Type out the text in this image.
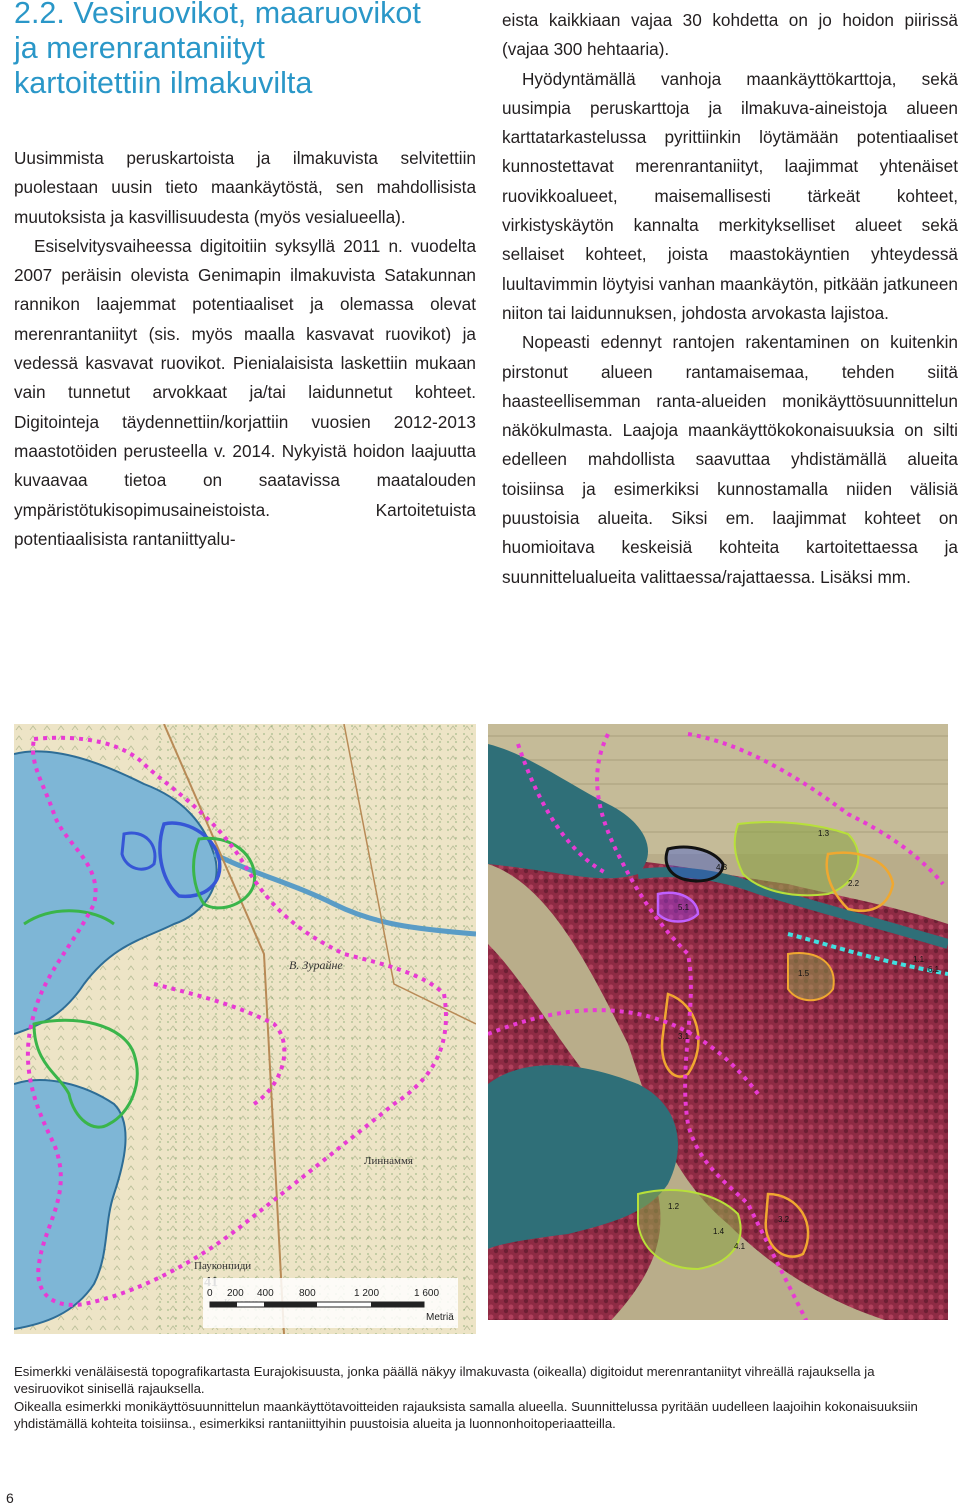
2.2. Vesiruovikot, maaruovikot
ja merenrantaniityt
kartoitettiin ilmakuvilta

Uusimmista peruskartoista ja ilmakuvista selvitettiin puolestaan uusin tieto maankäytöstä, sen mahdollisista muutoksista ja kasvillisuudesta (myös vesialueella).

Esiselvitysvaiheessa digitoitiin syksyllä 2011 n. vuodelta 2007 peräisin olevista Genimapin ilmakuvista Satakunnan rannikon laajemmat potentiaaliset ja olemassa olevat merenrantaniityt (sis. myös maalla kasvavat ruovikot) ja vedessä kasvavat ruovikot. Pienialaisista laskettiin mukaan vain tunnetut arvokkaat ja/tai laidunnetut kohteet. Digitointeja täydennettiin/korjattiin vuosien 2012-2013 maastotöiden perusteella v. 2014. Nykyistä hoidon laajuutta kuvaavaa tietoa on saatavissa maatalouden ympäristötukisopimusaineistoista. Kartoitetuista potentiaalisista rantaniittyalu-

eista kaikkiaan vajaa 30 kohdetta on jo hoidon piirissä (vajaa 300 hehtaaria).

Hyödyntämällä vanhoja maankäyttökarttoja, sekä uusimpia peruskarttoja ja ilmakuva-aineistoja alueen karttatarkastelussa pyrittiinkin löytämään potentiaaliset kunnostettavat merenrantaniityt, laajimmat yhtenäiset ruovikkoalueet, maisemallisesti tärkeät kohteet, virkistyskäytön kannalta merkitykselliset alueet sekä sellaiset kohteet, joista maastokäyntien yhteydessä luultavimmin löytyisi vanhan maankäytön, pitkään jatkuneen niiton tai laidunnuksen, johdosta arvokasta lajistoa.

Nopeasti edennyt rantojen rakentaminen on kuitenkin pirstonut alueen rantamaisemaa, tehden siitä haasteellisemman ranta-alueiden monikäyttösuunnittelun näkökulmasta. Laajoja maankäyttökokonaisuuksia on silti edelleen mahdollista saavuttaa yhdistämällä alueita toisiinsa ja esimerkiksi kunnostamalla niiden välisiä puustoisia alueita. Siksi em. laajimmat kohteet on huomioitava keskeisiä kohteita kartoitettaessa ja suunnittelualueita valittaessa/rajattaessa. Lisäksi mm.

B. Зурайне
Линнаммя
Пауконпиди
0 200 400	800	1 200	1 600
Metriä
1.3
1.1
2.2
6.1
4.3
5.1
1.5
3.1
1.2
1.4
3.2
4.1

Esimerkki venäläisestä topografikartasta Eurajokisuusta, jonka päällä näkyy ilmakuvasta (oikealla) digitoidut merenrantaniityt vihreällä rajauksella ja vesiruovikot sinisellä rajauksella.

Oikealla esimerkki monikäyttösuunnittelun maankäyttötavoitteiden rajauksista samalla alueella. Suunnittelussa pyritään uudelleen laajoihin kokonaisuuksiin yhdistämällä kohteita toisiinsa., esimerkiksi rantaniittyihin puustoisia alueita ja luonnonhoitoperiaatteilla.

6
